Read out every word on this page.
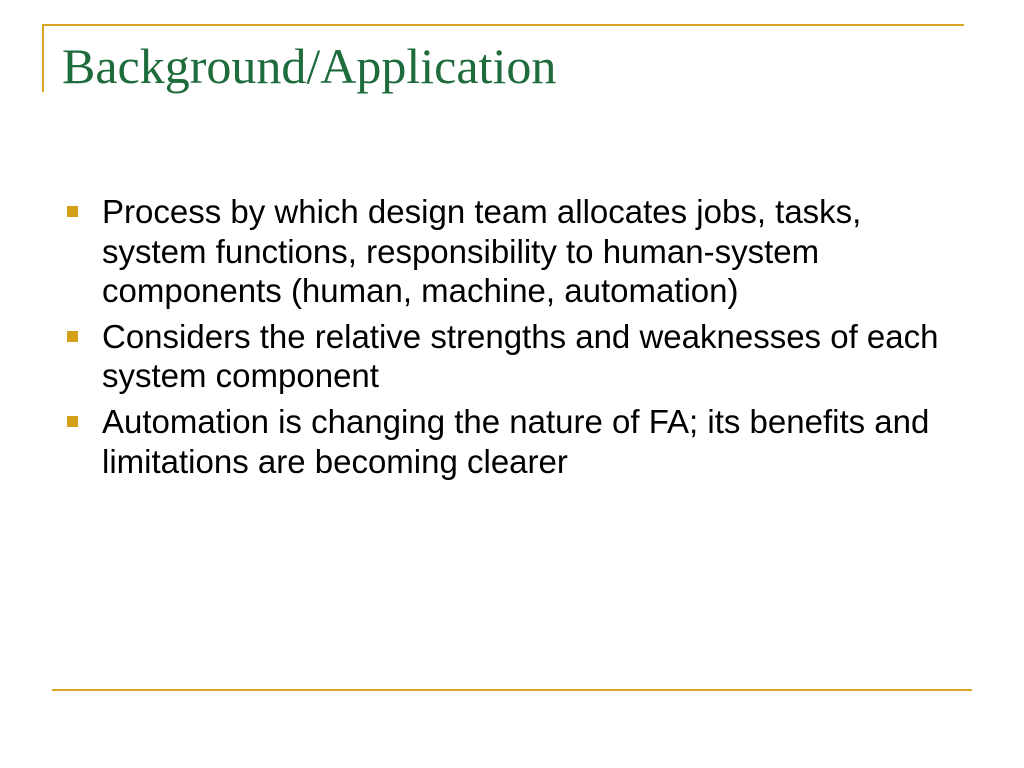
Background/Application
Process by which design team allocates jobs, tasks, system functions, responsibility to human-system components (human, machine, automation)
Considers the relative strengths and weaknesses of each system component
Automation is changing the nature of FA; its benefits and limitations are becoming clearer
